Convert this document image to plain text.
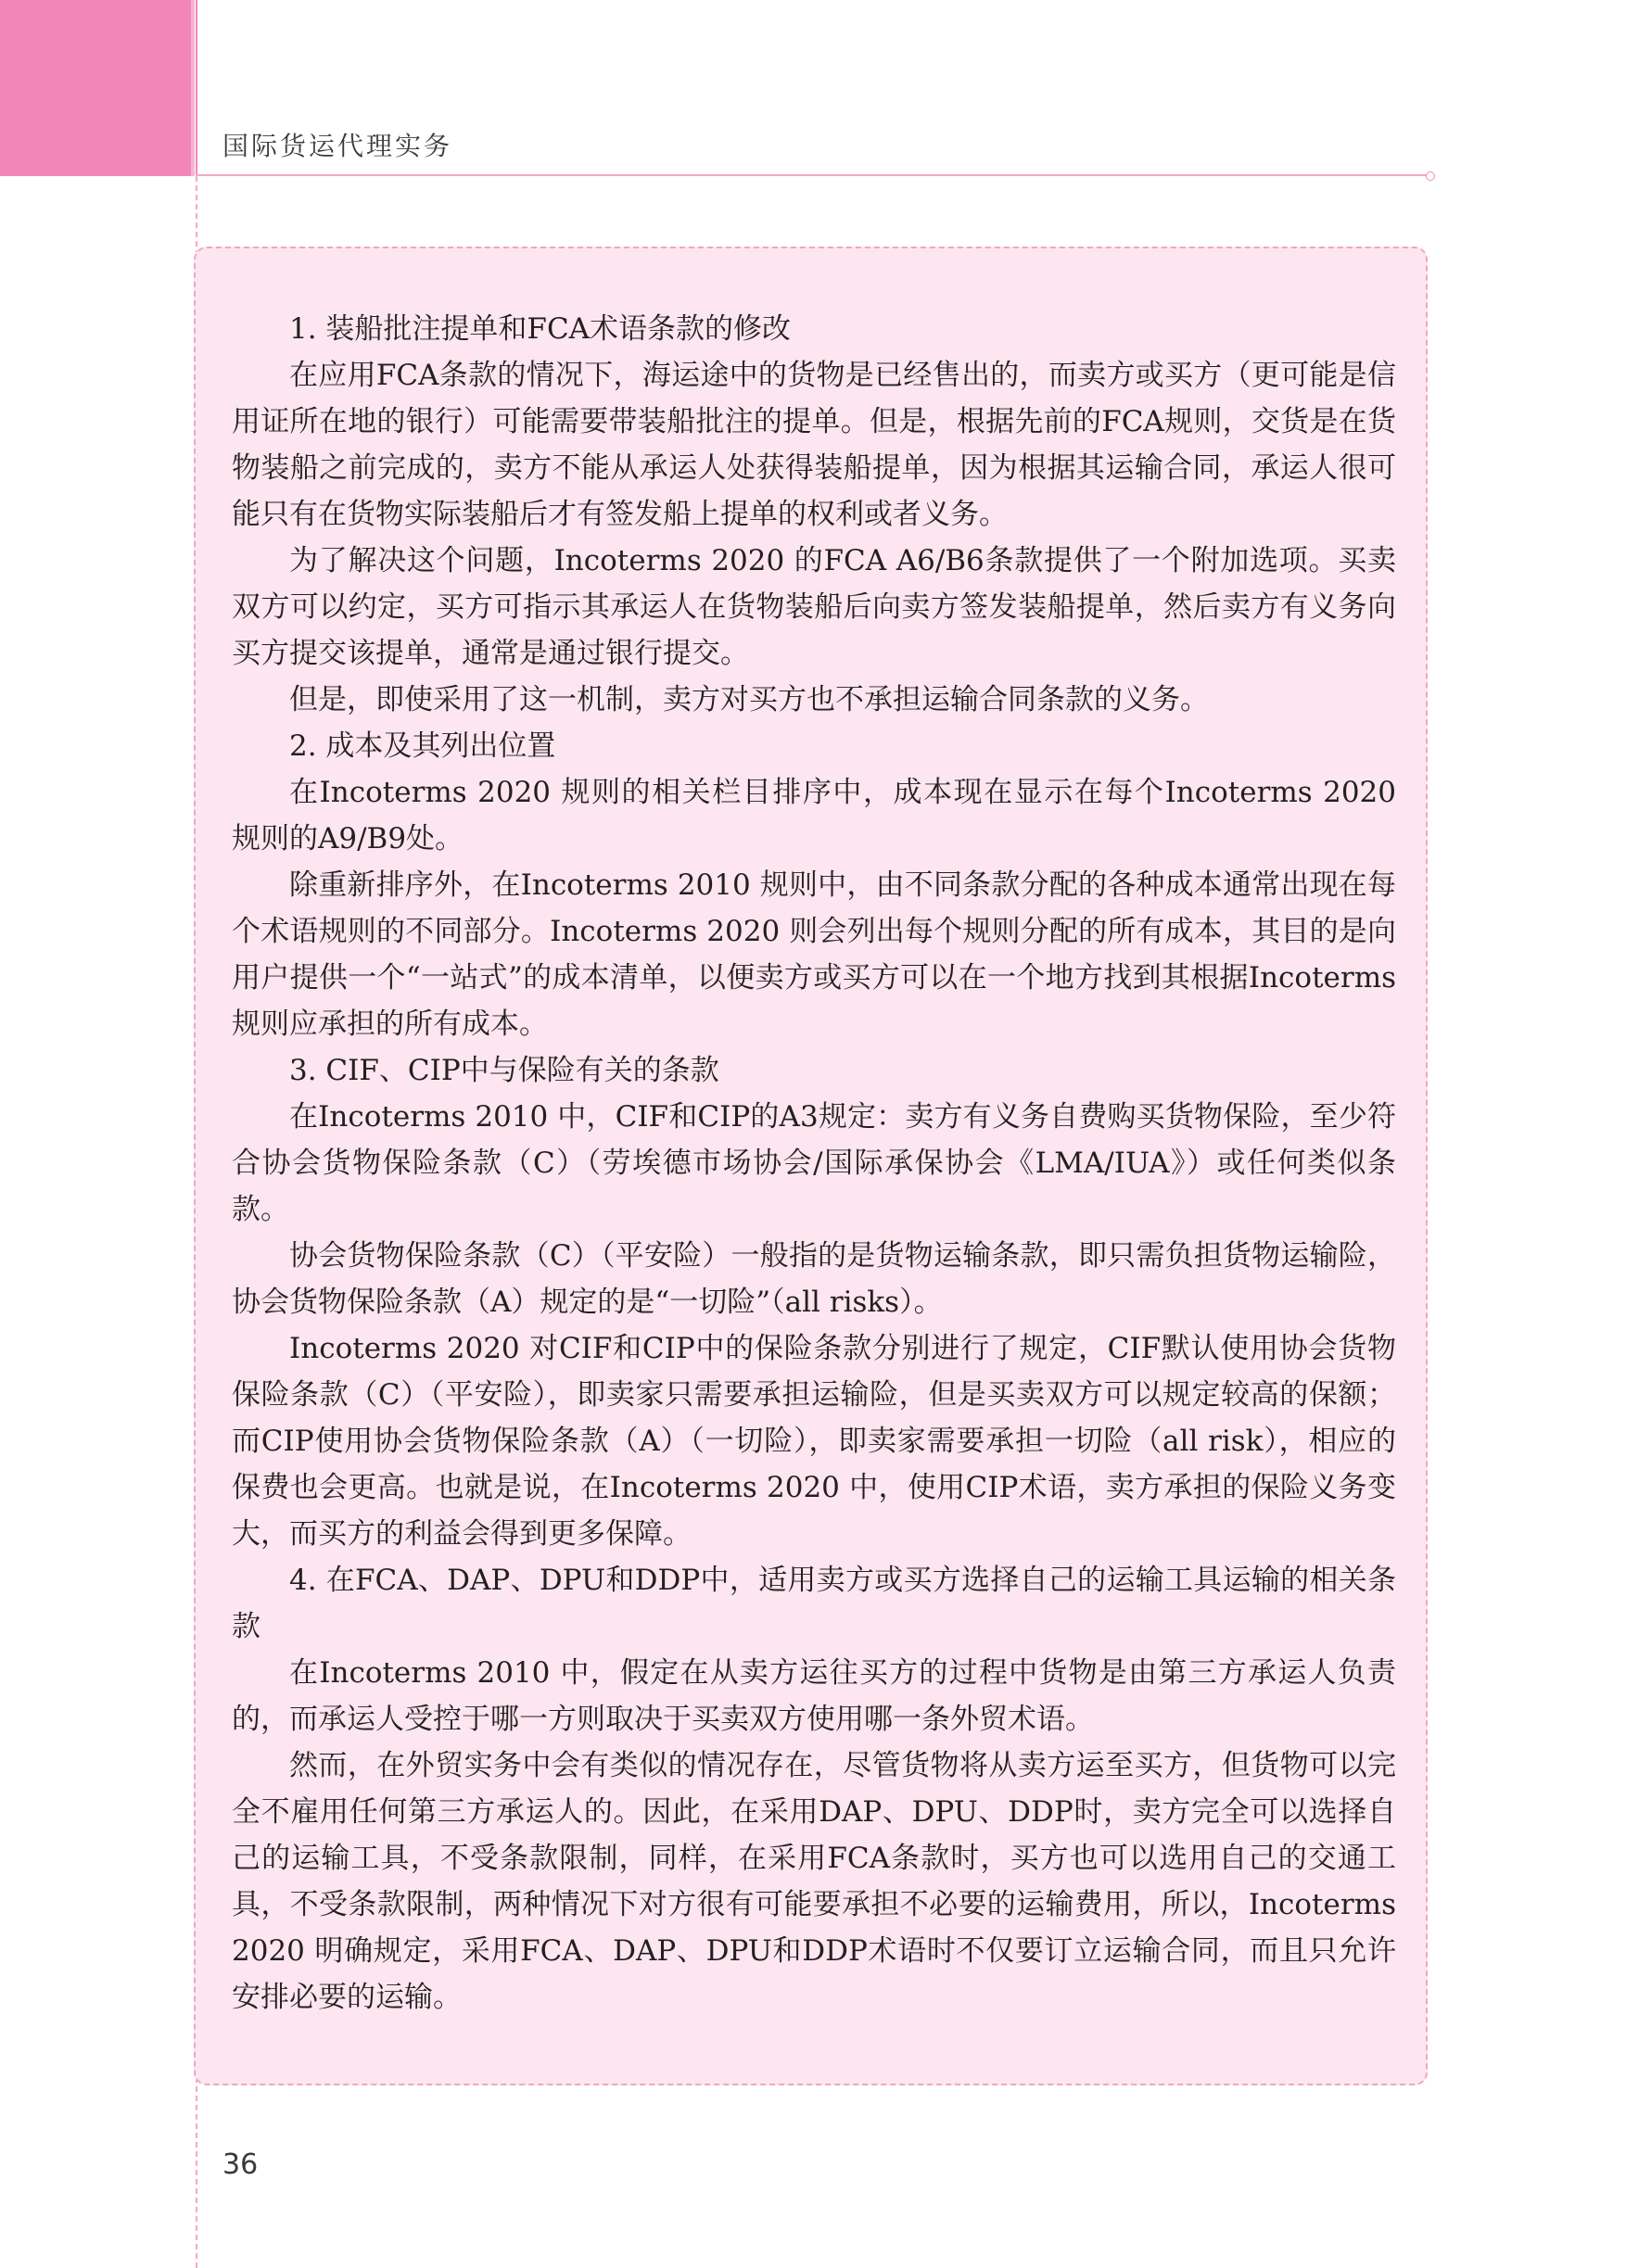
国际货运代理实务

1. 装船批注提单和FCA术语条款的修改

在应用FCA条款的情况下，海运途中的货物是已经售出的，而卖方或买方（更可能是信用证所在地的银行）可能需要带装船批注的提单。但是，根据先前的FCA规则，交货是在货物装船之前完成的，卖方不能从承运人处获得装船提单，因为根据其运输合同，承运人很可能只有在货物实际装船后才有签发船上提单的权利或者义务。

为了解决这个问题，Incoterms 2020 的FCA A6/B6条款提供了一个附加选项。买卖双方可以约定，买方可指示其承运人在货物装船后向卖方签发装船提单，然后卖方有义务向买方提交该提单，通常是通过银行提交。

但是，即使采用了这一机制，卖方对买方也不承担运输合同条款的义务。

2. 成本及其列出位置

在Incoterms 2020 规则的相关栏目排序中，成本现在显示在每个Incoterms 2020 规则的A9/B9处。

除重新排序外，在Incoterms 2010 规则中，由不同条款分配的各种成本通常出现在每个术语规则的不同部分。Incoterms 2020 则会列出每个规则分配的所有成本，其目的是向用户提供一个“一站式”的成本清单，以便卖方或买方可以在一个地方找到其根据Incoterms规则应承担的所有成本。

3. CIF、CIP中与保险有关的条款

在Incoterms 2010 中，CIF和CIP的A3规定：卖方有义务自费购买货物保险，至少符合协会货物保险条款（C）（劳埃德市场协会/国际承保协会《LMA/IUA》）或任何类似条款。

协会货物保险条款（C）（平安险）一般指的是货物运输条款，即只需负担货物运输险，协会货物保险条款（A）规定的是“一切险”（all risks）。

Incoterms 2020 对CIF和CIP中的保险条款分别进行了规定，CIF默认使用协会货物保险条款（C）（平安险），即卖家只需要承担运输险，但是买卖双方可以规定较高的保额；而CIP使用协会货物保险条款（A）（一切险），即卖家需要承担一切险（all risk），相应的保费也会更高。也就是说，在Incoterms 2020 中，使用CIP术语，卖方承担的保险义务变大，而买方的利益会得到更多保障。

4. 在FCA、DAP、DPU和DDP中，适用卖方或买方选择自己的运输工具运输的相关条款

在Incoterms 2010 中，假定在从卖方运往买方的过程中货物是由第三方承运人负责的，而承运人受控于哪一方则取决于买卖双方使用哪一条外贸术语。

然而，在外贸实务中会有类似的情况存在，尽管货物将从卖方运至买方，但货物可以完全不雇用任何第三方承运人的。因此，在采用DAP、DPU、DDP时，卖方完全可以选择自己的运输工具，不受条款限制，同样，在采用FCA条款时，买方也可以选用自己的交通工具，不受条款限制，两种情况下对方很有可能要承担不必要的运输费用，所以，Incoterms 2020 明确规定，采用FCA、DAP、DPU和DDP术语时不仅要订立运输合同，而且只允许安排必要的运输。

36
